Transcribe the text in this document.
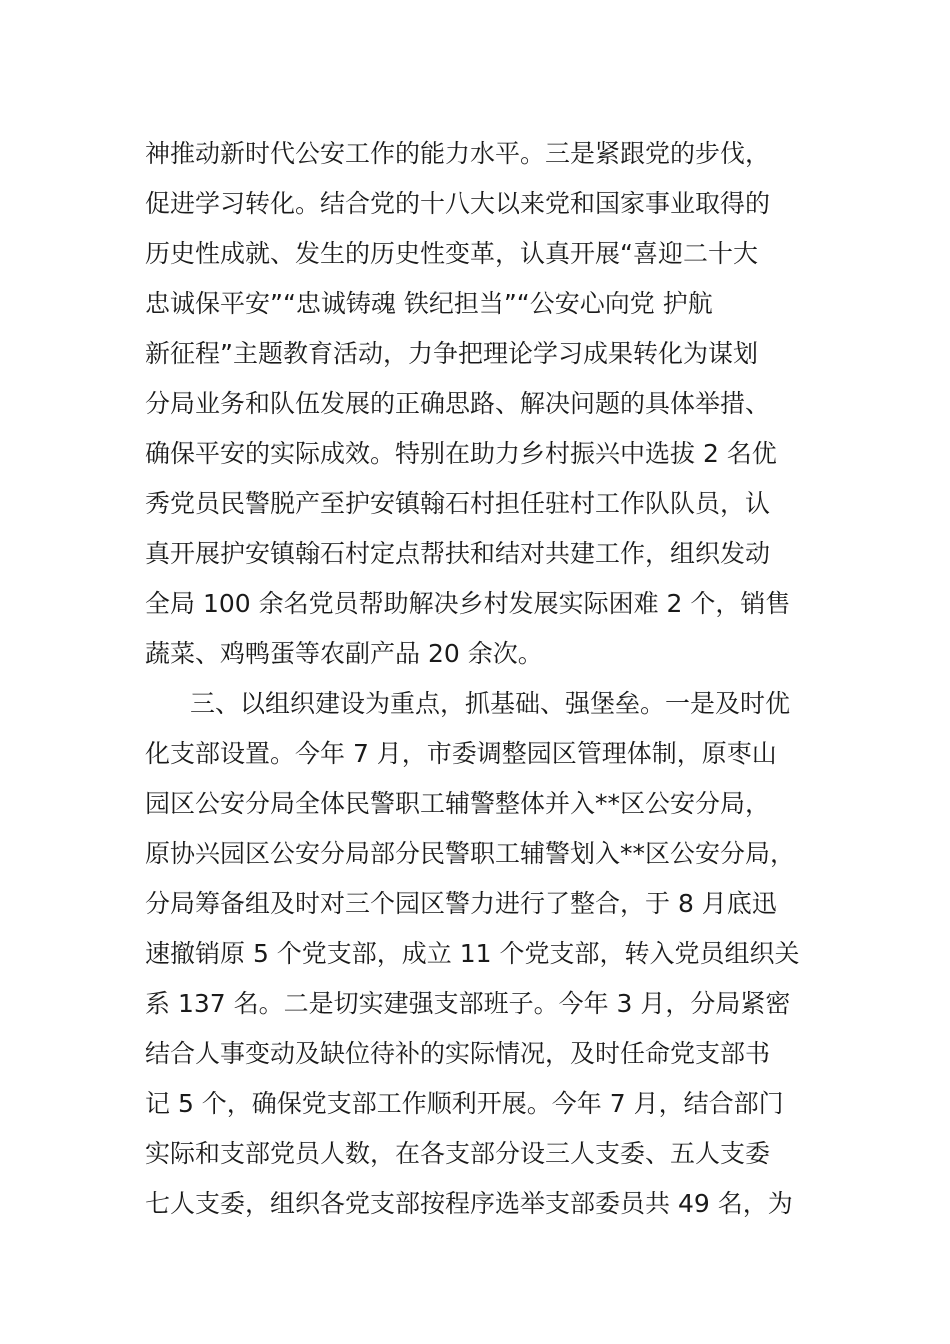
神推动新时代公安工作的能力水平。三是紧跟党的步伐，
促进学习转化。结合党的十八大以来党和国家事业取得的
历史性成就、发生的历史性变革，认真开展“喜迎二十大
忠诚保平安”“忠诚铸魂 铁纪担当”“公安心向党 护航
新征程”主题教育活动，力争把理论学习成果转化为谋划
分局业务和队伍发展的正确思路、解决问题的具体举措、
确保平安的实际成效。特别在助力乡村振兴中选拔 2 名优
秀党员民警脱产至护安镇翰石村担任驻村工作队队员，认
真开展护安镇翰石村定点帮扶和结对共建工作，组织发动
全局 100 余名党员帮助解决乡村发展实际困难 2 个，销售
蔬菜、鸡鸭蛋等农副产品 20 余次。
三、以组织建设为重点，抓基础、强堡垒。一是及时优
化支部设置。今年 7 月，市委调整园区管理体制，原枣山
园区公安分局全体民警职工辅警整体并入**区公安分局，
原协兴园区公安分局部分民警职工辅警划入**区公安分局，
分局筹备组及时对三个园区警力进行了整合，于 8 月底迅
速撤销原 5 个党支部，成立 11 个党支部，转入党员组织关
系 137 名。二是切实建强支部班子。今年 3 月，分局紧密
结合人事变动及缺位待补的实际情况，及时任命党支部书
记 5 个，确保党支部工作顺利开展。今年 7 月，结合部门
实际和支部党员人数，在各支部分设三人支委、五人支委
七人支委，组织各党支部按程序选举支部委员共 49 名，为
